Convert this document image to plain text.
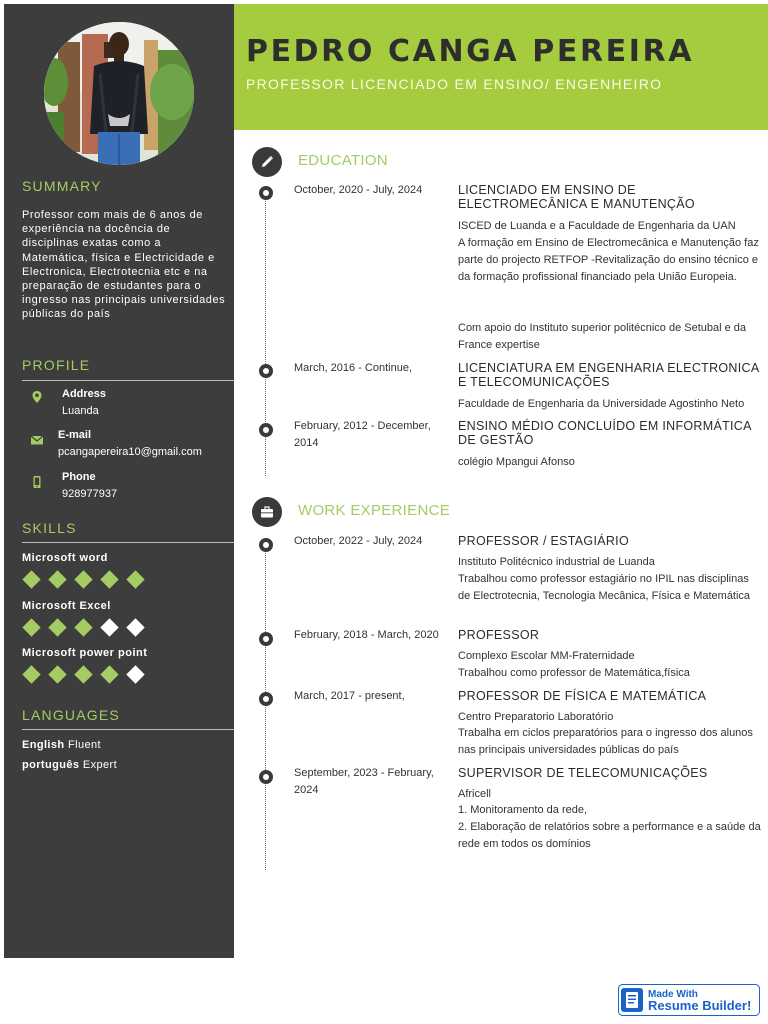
SUMMARY
Professor com mais de 6 anos de experiência na docência de disciplinas exatas como a Matemática, física e Electricidade e Electronica, Electrotecnia etc e na preparação de estudantes para o ingresso nas principais universidades públicas do país
PROFILE
Address
Luanda
E-mail
pcangapereira10@gmail.com
Phone
928977937
SKILLS
Microsoft word
Microsoft Excel
Microsoft power point
LANGUAGES
English Fluent
português Expert
PEDRO CANGA PEREIRA
PROFESSOR LICENCIADO EM ENSINO/ ENGENHEIRO
EDUCATION
October, 2020 - July, 2024	LICENCIADO EM ENSINO DE ELECTROMECÂNICA E MANUTENÇÃO
ISCED de Luanda e a Faculdade de Engenharia da UAN
A formação em Ensino de Electromecânica e Manutenção faz parte do projecto RETFOP -Revitalização do ensino técnico e da formação profissional financiado pela União Europeia.
Com apoio do Instituto superior politécnico de Setubal e da France expertise
March, 2016 - Continue,	LICENCIATURA EM ENGENHARIA ELECTRONICA E TELECOMUNICAÇÕES
Faculdade de Engenharia da Universidade Agostinho Neto
February, 2012 - December, 2014
ENSINO MÉDIO CONCLUÍDO EM INFORMÁTICA DE GESTÃO
colégio Mpangui Afonso
WORK EXPERIENCE
October, 2022 - July, 2024	PROFESSOR / ESTAGIÁRIO
Instituto Politécnico industrial de Luanda
Trabalhou como professor estagiário no IPIL nas disciplinas de Electrotecnia, Tecnologia Mecânica, Física e Matemática
February, 2018 - March, 2020	PROFESSOR
Complexo Escolar MM-Fraternidade
Trabalhou como professor de Matemática,física
March, 2017 - present,	PROFESSOR DE FÍSICA E MATEMÁTICA
Centro Preparatorio Laboratório
Trabalha em ciclos preparatórios para o ingresso dos alunos nas principais universidades públicas do país
September, 2023 - February, 2024
SUPERVISOR DE TELECOMUNICAÇÕES
Africell
1. Monitoramento da rede,
2. Elaboração de relatórios sobre a performance e a saúde da rede em todos os domínios
Made With
Resume Builder!
